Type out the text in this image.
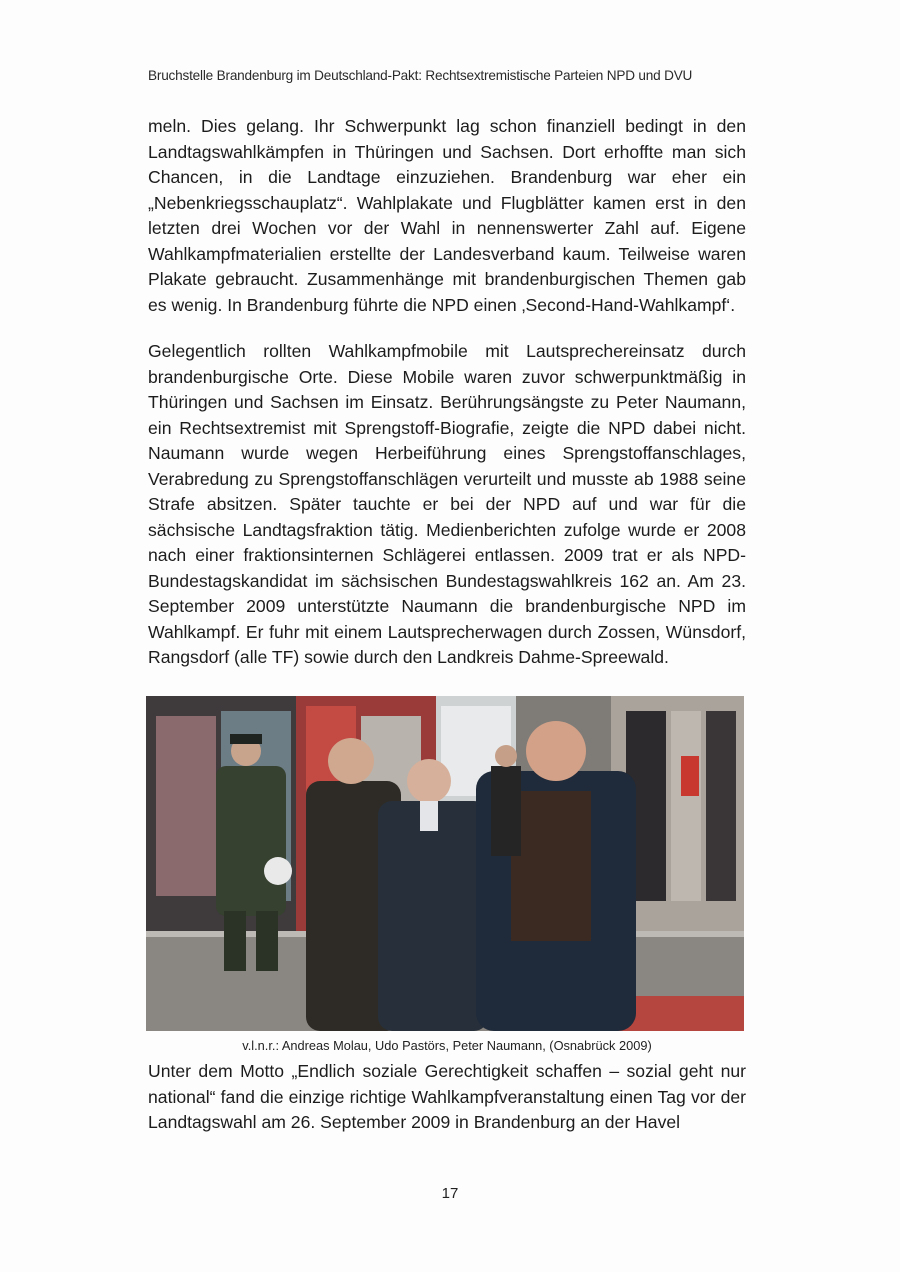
Bruchstelle Brandenburg im Deutschland-Pakt: Rechtsextremistische Parteien NPD und DVU

meln. Dies gelang. Ihr Schwerpunkt lag schon finanziell bedingt in den Landtagswahlkämpfen in Thüringen und Sachsen. Dort erhoffte man sich Chancen, in die Landtage einzuziehen. Brandenburg war eher ein „Nebenkriegsschauplatz“. Wahlplakate und Flugblätter kamen erst in den letzten drei Wochen vor der Wahl in nennenswerter Zahl auf. Eigene Wahlkampfmaterialien erstellte der Landesverband kaum. Teilweise waren Plakate gebraucht. Zusammenhänge mit brandenburgischen Themen gab es wenig. In Brandenburg führte die NPD einen ‚Second-Hand-Wahlkampf‘.

Gelegentlich rollten Wahlkampfmobile mit Lautsprechereinsatz durch brandenburgische Orte. Diese Mobile waren zuvor schwerpunktmäßig in Thüringen und Sachsen im Einsatz. Berührungsängste zu Peter Naumann, ein Rechtsextremist mit Sprengstoff-Biografie, zeigte die NPD dabei nicht. Naumann wurde wegen Herbeiführung eines Sprengstoffanschlages, Verabredung zu Sprengstoffanschlägen verurteilt und musste ab 1988 seine Strafe absitzen. Später tauchte er bei der NPD auf und war für die sächsische Landtagsfraktion tätig. Medienberichten zufolge wurde er 2008 nach einer fraktionsinternen Schlägerei entlassen. 2009 trat er als NPD-Bundestagskandidat im sächsischen Bundestagswahlkreis 162 an. Am 23. September 2009 unterstützte Naumann die brandenburgische NPD im Wahlkampf. Er fuhr mit einem Lautsprecherwagen durch Zossen, Wünsdorf, Rangsdorf (alle TF) sowie durch den Landkreis Dahme-Spreewald.

v.l.n.r.: Andreas Molau, Udo Pastörs, Peter Naumann, (Osnabrück 2009)

Unter dem Motto „Endlich soziale Gerechtigkeit schaffen – sozial geht nur national“ fand die einzige richtige Wahlkampfveranstaltung einen Tag vor der Landtagswahl am 26. September 2009 in Brandenburg an der Havel

17
